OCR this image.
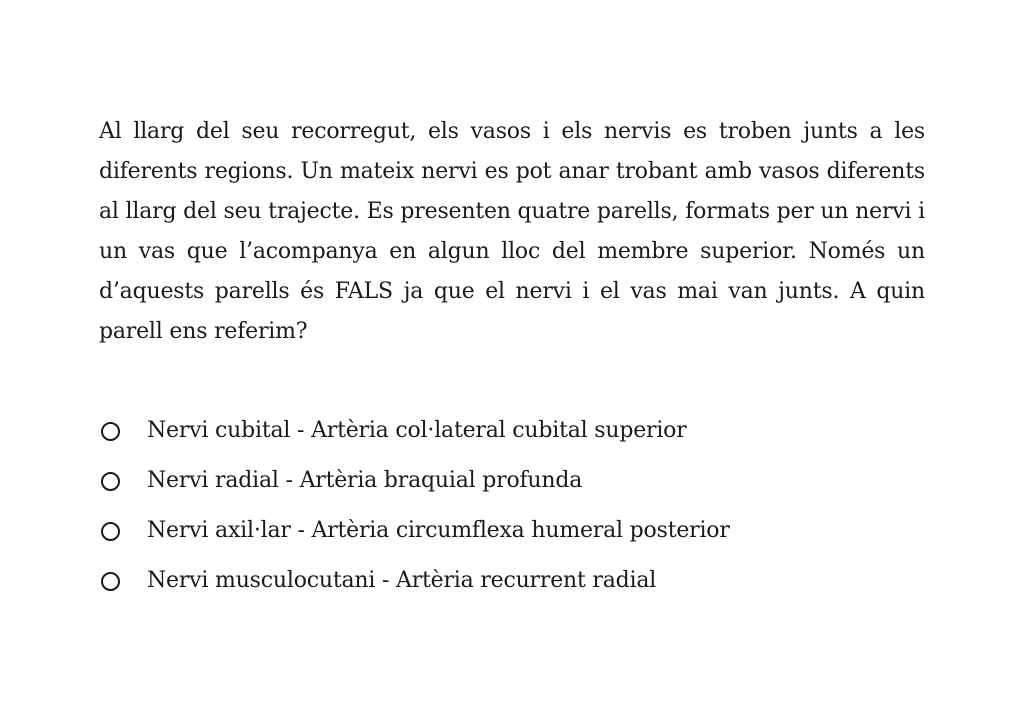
Al llarg del seu recorregut, els vasos i els nervis es troben junts a les diferents regions. Un mateix nervi es pot anar trobant amb vasos diferents al llarg del seu trajecte. Es presenten quatre parells, formats per un nervi i un vas que l’acompanya en algun lloc del membre superior. Només un d’aquests parells és FALS ja que el nervi i el vas mai van junts. A quin parell ens referim?

Nervi cubital - Artèria col·lateral cubital superior
Nervi radial - Artèria braquial profunda
Nervi axil·lar - Artèria circumflexa humeral posterior
Nervi musculocutani - Artèria recurrent radial
